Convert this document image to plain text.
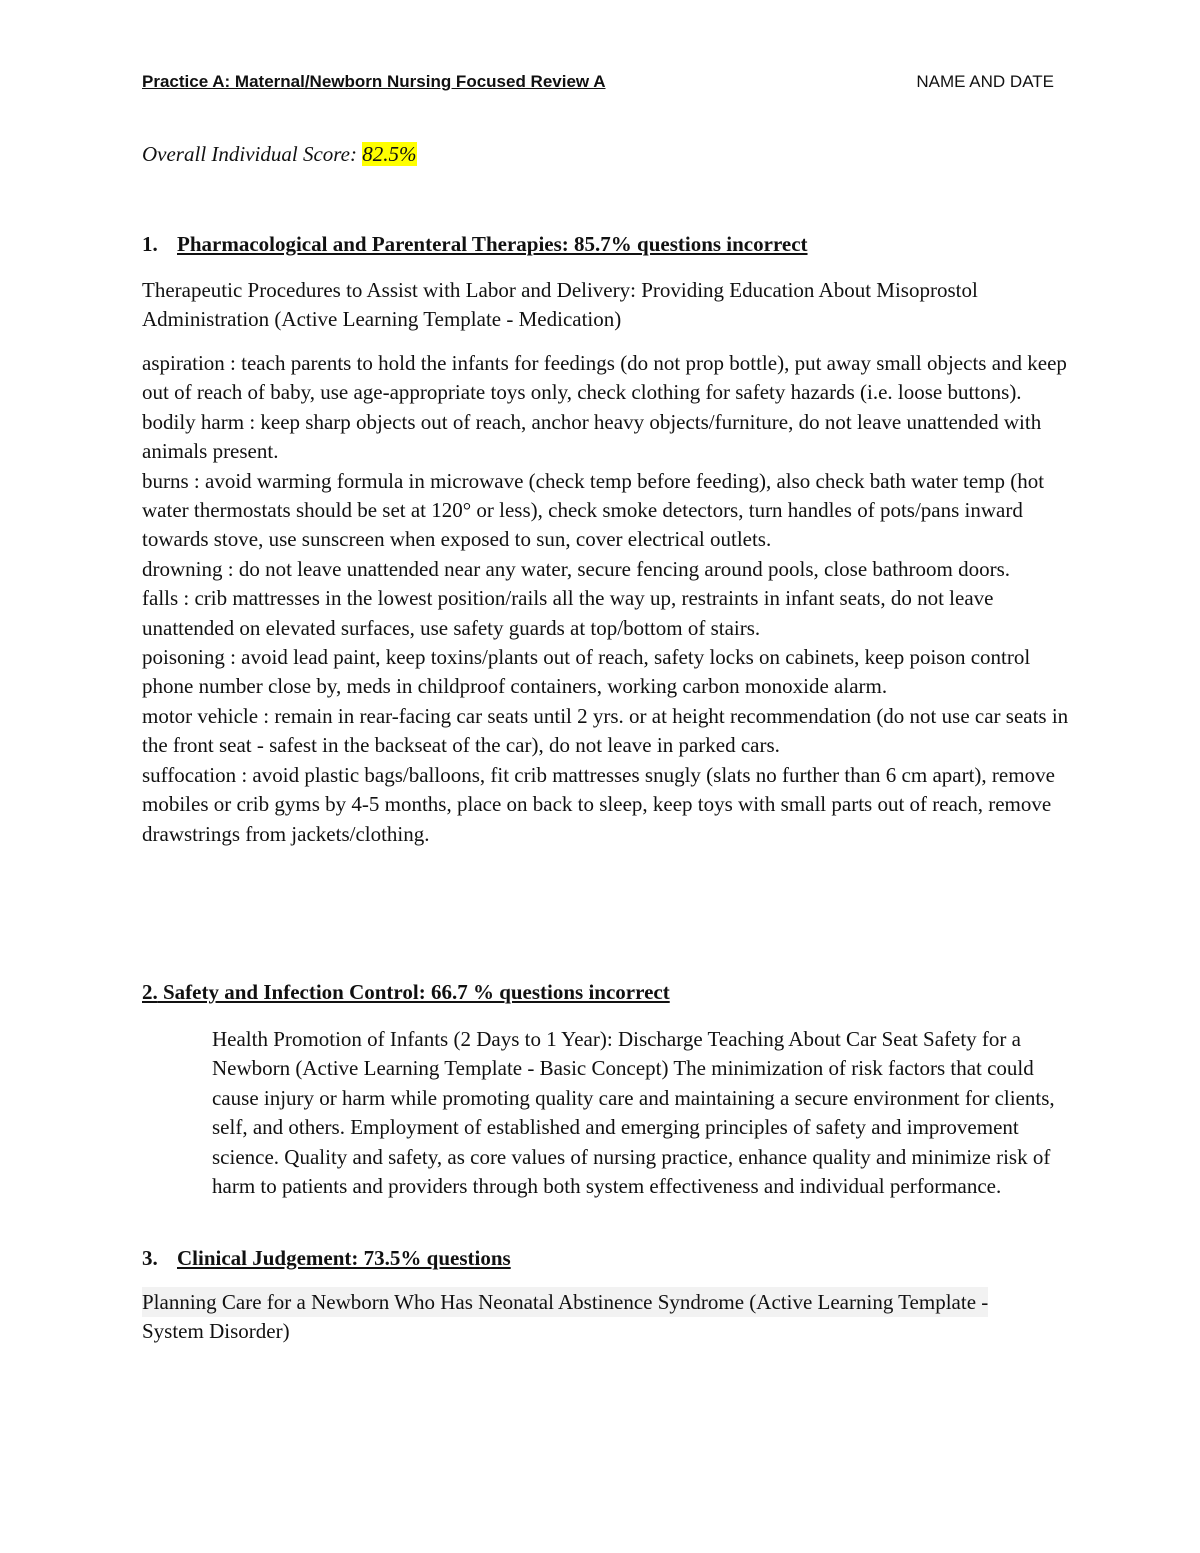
Practice A: Maternal/Newborn Nursing Focused Review A	NAME AND DATE
Overall Individual Score: 82.5%
1. Pharmacological and Parenteral Therapies: 85.7% questions incorrect
Therapeutic Procedures to Assist with Labor and Delivery: Providing Education About Misoprostol Administration (Active Learning Template - Medication)
aspiration : teach parents to hold the infants for feedings (do not prop bottle), put away small objects and keep out of reach of baby, use age-appropriate toys only, check clothing for safety hazards (i.e. loose buttons).
bodily harm : keep sharp objects out of reach, anchor heavy objects/furniture, do not leave unattended with animals present.
burns : avoid warming formula in microwave (check temp before feeding), also check bath water temp (hot water thermostats should be set at 120° or less), check smoke detectors, turn handles of pots/pans inward towards stove, use sunscreen when exposed to sun, cover electrical outlets.
drowning : do not leave unattended near any water, secure fencing around pools, close bathroom doors.
falls : crib mattresses in the lowest position/rails all the way up, restraints in infant seats, do not leave unattended on elevated surfaces, use safety guards at top/bottom of stairs.
poisoning : avoid lead paint, keep toxins/plants out of reach, safety locks on cabinets, keep poison control phone number close by, meds in childproof containers, working carbon monoxide alarm.
motor vehicle : remain in rear-facing car seats until 2 yrs. or at height recommendation (do not use car seats in the front seat - safest in the backseat of the car), do not leave in parked cars.
suffocation : avoid plastic bags/balloons, fit crib mattresses snugly (slats no further than 6 cm apart), remove mobiles or crib gyms by 4-5 months, place on back to sleep, keep toys with small parts out of reach, remove drawstrings from jackets/clothing.
2. Safety and Infection Control: 66.7 % questions incorrect
Health Promotion of Infants (2 Days to 1 Year): Discharge Teaching About Car Seat Safety for a Newborn (Active Learning Template - Basic Concept) The minimization of risk factors that could cause injury or harm while promoting quality care and maintaining a secure environment for clients, self, and others. Employment of established and emerging principles of safety and improvement science. Quality and safety, as core values of nursing practice, enhance quality and minimize risk of harm to patients and providers through both system effectiveness and individual performance.
3. Clinical Judgement: 73.5% questions
Planning Care for a Newborn Who Has Neonatal Abstinence Syndrome (Active Learning Template - System Disorder)
